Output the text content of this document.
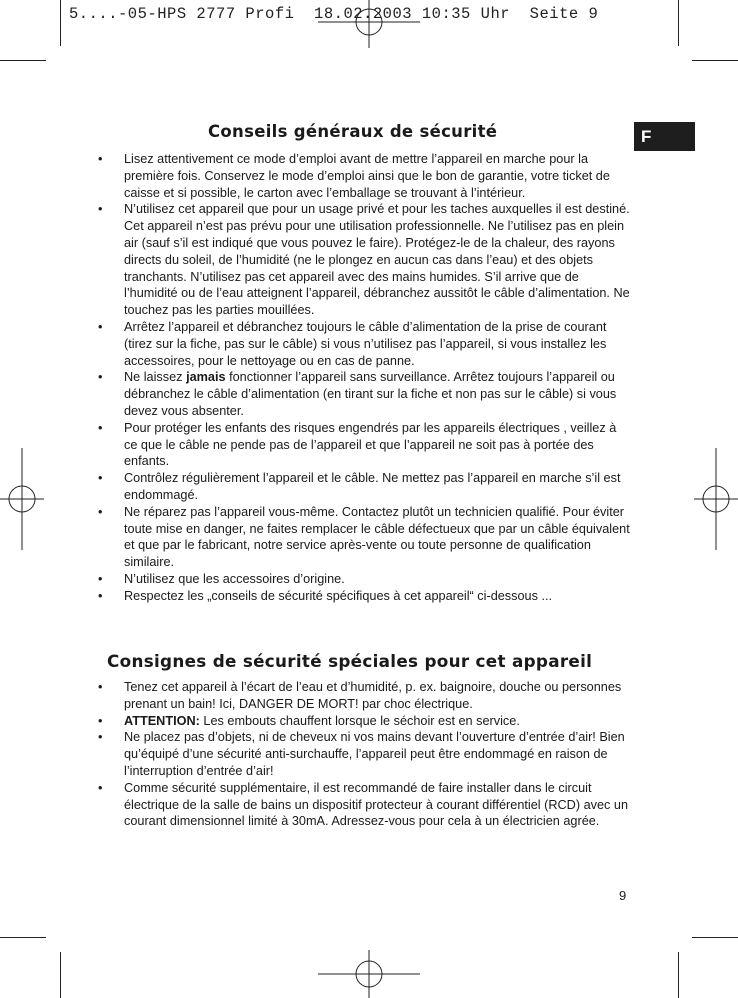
5....-05-HPS 2777 Profi  18.02.2003 10:35 Uhr  Seite 9
F
Conseils généraux de sécurité
• Lisez attentivement ce mode d’emploi avant de mettre l’appareil en marche pour la première fois. Conservez le mode d’emploi ainsi que le bon de garantie, votre ticket de caisse et si possible, le carton avec l’emballage se trouvant à l’intérieur.
• N’utilisez cet appareil que pour un usage privé et pour les taches auxquelles il est destiné. Cet appareil n’est pas prévu pour une utilisation professionnelle. Ne l’utilisez pas en plein air (sauf s’il est indiqué que vous pouvez le faire). Protégez-le de la chaleur, des rayons directs du soleil, de l’humidité (ne le plongez en aucun cas dans l’eau) et des objets tranchants. N’utilisez pas cet appareil avec des mains humides. S’il arrive que de l’humidité ou de l’eau atteignent l’appareil, débranchez aussitôt le câble d’alimentation. Ne touchez pas les parties mouillées.
• Arrêtez l’appareil et débranchez toujours le câble d’alimentation de la prise de courant (tirez sur la fiche, pas sur le câble) si vous n’utilisez pas l’appareil, si vous installez les accessoires, pour le nettoyage ou en cas de panne.
• Ne laissez jamais fonctionner l’appareil sans surveillance. Arrêtez toujours l’appareil ou débranchez le câble d’alimentation (en tirant sur la fiche et non pas sur le câble) si vous devez vous absenter.
• Pour protéger les enfants des risques engendrés par les appareils électriques , veillez à ce que le câble ne pende pas de l’appareil et que l’appareil ne soit pas à portée des enfants.
• Contrôlez régulièrement l’appareil et le câble. Ne mettez pas l’appareil en marche s’il est endommagé.
• Ne réparez pas l’appareil vous-même. Contactez plutôt un technicien qualifié. Pour éviter toute mise en danger, ne faites remplacer le câble défectueux que par un câble équivalent et que par le fabricant, notre service après-vente ou toute personne de qualification similaire.
• N’utilisez que les accessoires d’origine.
• Respectez les „conseils de sécurité spécifiques à cet appareil“ ci-dessous ...
Consignes de sécurité spéciales pour cet appareil
• Tenez cet appareil à l’écart de l’eau et d’humidité, p. ex. baignoire, douche ou personnes prenant un bain! Ici, DANGER DE MORT! par choc électrique.
• ATTENTION: Les embouts chauffent lorsque le séchoir est en service.
• Ne placez pas d’objets, ni de cheveux ni vos mains devant l’ouverture d’entrée d’air! Bien qu’équipé d’une sécurité anti-surchauffe, l’appareil peut être endommagé en raison de l’interruption d’entrée d’air!
• Comme sécurité supplémentaire, il est recommandé de faire installer dans le circuit électrique de la salle de bains un dispositif protecteur à courant différentiel (RCD) avec un courant dimensionnel limité à 30mA. Adressez-vous pour cela à un électricien agrée.
9
